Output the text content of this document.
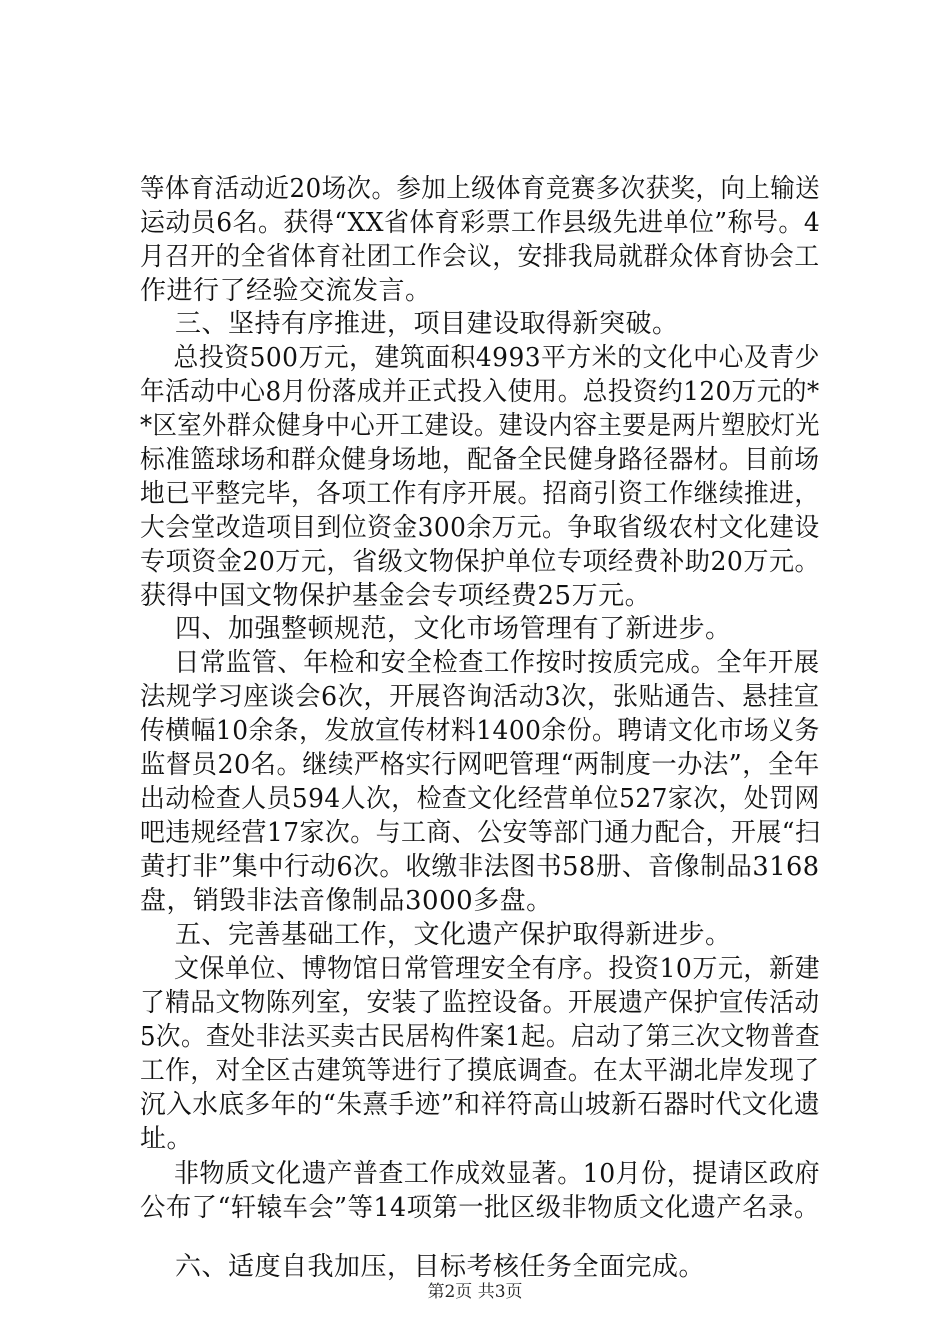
等体育活动近20场次。参加上级体育竞赛多次获奖，向上输送
运动员6名。获得“XX省体育彩票工作县级先进单位”称号。4
月召开的全省体育社团工作会议，安排我局就群众体育协会工
作进行了经验交流发言。
三、坚持有序推进，项目建设取得新突破。
总投资500万元，建筑面积4993平方米的文化中心及青少
年活动中心8月份落成并正式投入使用。总投资约120万元的*
*区室外群众健身中心开工建设。建设内容主要是两片塑胶灯光
标准篮球场和群众健身场地，配备全民健身路径器材。目前场
地已平整完毕，各项工作有序开展。招商引资工作继续推进，
大会堂改造项目到位资金300余万元。争取省级农村文化建设
专项资金20万元，省级文物保护单位专项经费补助20万元。
获得中国文物保护基金会专项经费25万元。
四、加强整顿规范，文化市场管理有了新进步。
日常监管、年检和安全检查工作按时按质完成。全年开展
法规学习座谈会6次，开展咨询活动3次，张贴通告、悬挂宣
传横幅10余条，发放宣传材料1400余份。聘请文化市场义务
监督员20名。继续严格实行网吧管理“两制度一办法”，全年
出动检查人员594人次，检查文化经营单位527家次，处罚网
吧违规经营17家次。与工商、公安等部门通力配合，开展“扫
黄打非”集中行动6次。收缴非法图书58册、音像制品3168
盘，销毁非法音像制品3000多盘。
五、完善基础工作，文化遗产保护取得新进步。
文保单位、博物馆日常管理安全有序。投资10万元，新建
了精品文物陈列室，安装了监控设备。开展遗产保护宣传活动
5次。查处非法买卖古民居构件案1起。启动了第三次文物普查
工作，对全区古建筑等进行了摸底调查。在太平湖北岸发现了
沉入水底多年的“朱熹手迹”和祥符高山坡新石器时代文化遗
址。
非物质文化遗产普查工作成效显著。10月份，提请区政府
公布了“轩辕车会”等14项第一批区级非物质文化遗产名录。
六、适度自我加压，目标考核任务全面完成。
第2页 共3页
